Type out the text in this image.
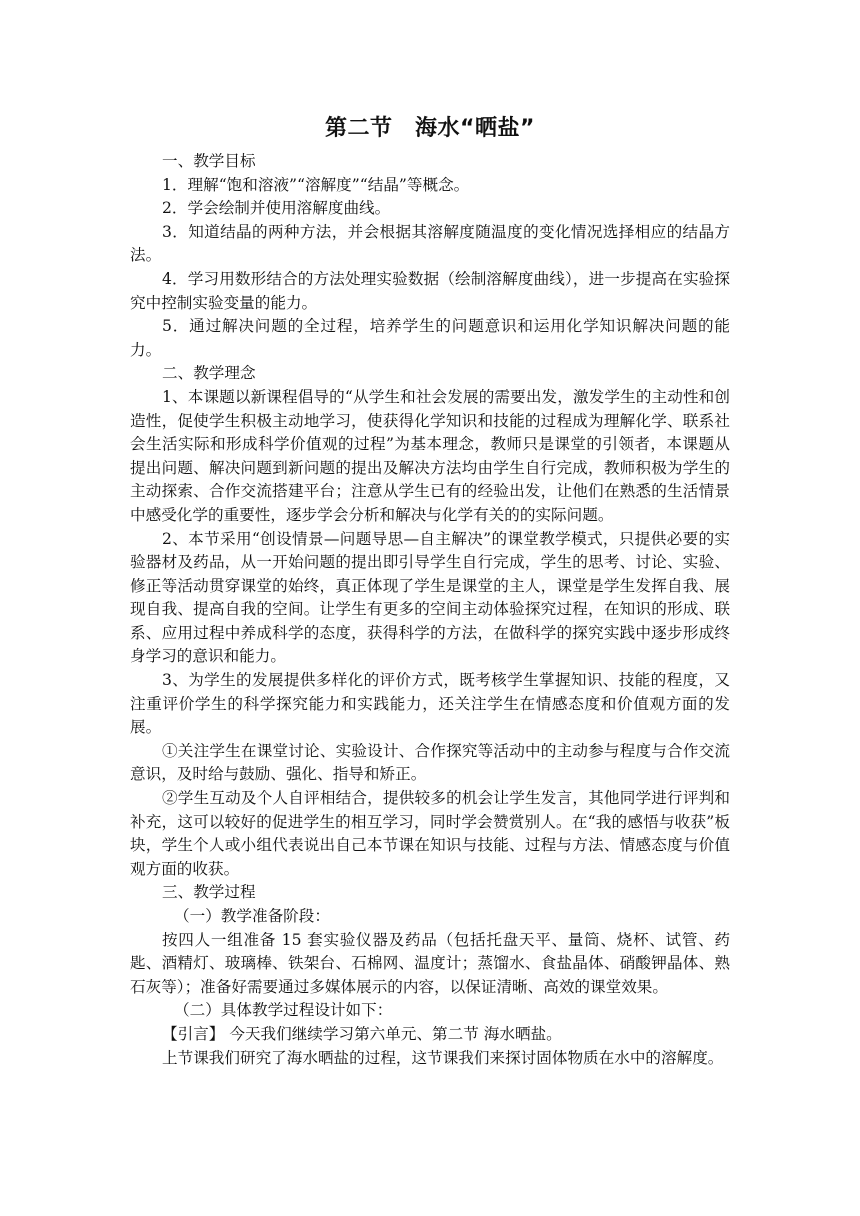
第二节　海水“晒盐”

一、教学目标

1．理解“饱和溶液”“溶解度”“结晶”等概念。

2．学会绘制并使用溶解度曲线。

3．知道结晶的两种方法，并会根据其溶解度随温度的变化情况选择相应的结晶方法。

4．学习用数形结合的方法处理实验数据（绘制溶解度曲线），进一步提高在实验探究中控制实验变量的能力。

5．通过解决问题的全过程，培养学生的问题意识和运用化学知识解决问题的能力。

二、教学理念

1、本课题以新课程倡导的“从学生和社会发展的需要出发，激发学生的主动性和创造性，促使学生积极主动地学习，使获得化学知识和技能的过程成为理解化学、联系社会生活实际和形成科学价值观的过程”为基本理念，教师只是课堂的引领者，本课题从提出问题、解决问题到新问题的提出及解决方法均由学生自行完成，教师积极为学生的主动探索、合作交流搭建平台；注意从学生已有的经验出发，让他们在熟悉的生活情景中感受化学的重要性，逐步学会分析和解决与化学有关的的实际问题。

2、本节采用“创设情景—问题导思—自主解决”的课堂教学模式，只提供必要的实验器材及药品，从一开始问题的提出即引导学生自行完成，学生的思考、讨论、实验、修正等活动贯穿课堂的始终，真正体现了学生是课堂的主人，课堂是学生发挥自我、展现自我、提高自我的空间。让学生有更多的空间主动体验探究过程，在知识的形成、联系、应用过程中养成科学的态度，获得科学的方法，在做科学的探究实践中逐步形成终身学习的意识和能力。

3、为学生的发展提供多样化的评价方式，既考核学生掌握知识、技能的程度，又注重评价学生的科学探究能力和实践能力，还关注学生在情感态度和价值观方面的发展。

①关注学生在课堂讨论、实验设计、合作探究等活动中的主动参与程度与合作交流意识，及时给与鼓励、强化、指导和矫正。

②学生互动及个人自评相结合，提供较多的机会让学生发言，其他同学进行评判和补充，这可以较好的促进学生的相互学习，同时学会赞赏别人。在“我的感悟与收获”板块，学生个人或小组代表说出自己本节课在知识与技能、过程与方法、情感态度与价值观方面的收获。

三、教学过程

（一）教学准备阶段：

按四人一组准备 15 套实验仪器及药品（包括托盘天平、量筒、烧杯、试管、药匙、酒精灯、玻璃棒、铁架台、石棉网、温度计；蒸馏水、食盐晶体、硝酸钾晶体、熟石灰等）；准备好需要通过多媒体展示的内容，以保证清晰、高效的课堂效果。

（二）具体教学过程设计如下：

【引言】 今天我们继续学习第六单元、第二节 海水晒盐。

上节课我们研究了海水晒盐的过程，这节课我们来探讨固体物质在水中的溶解度。
